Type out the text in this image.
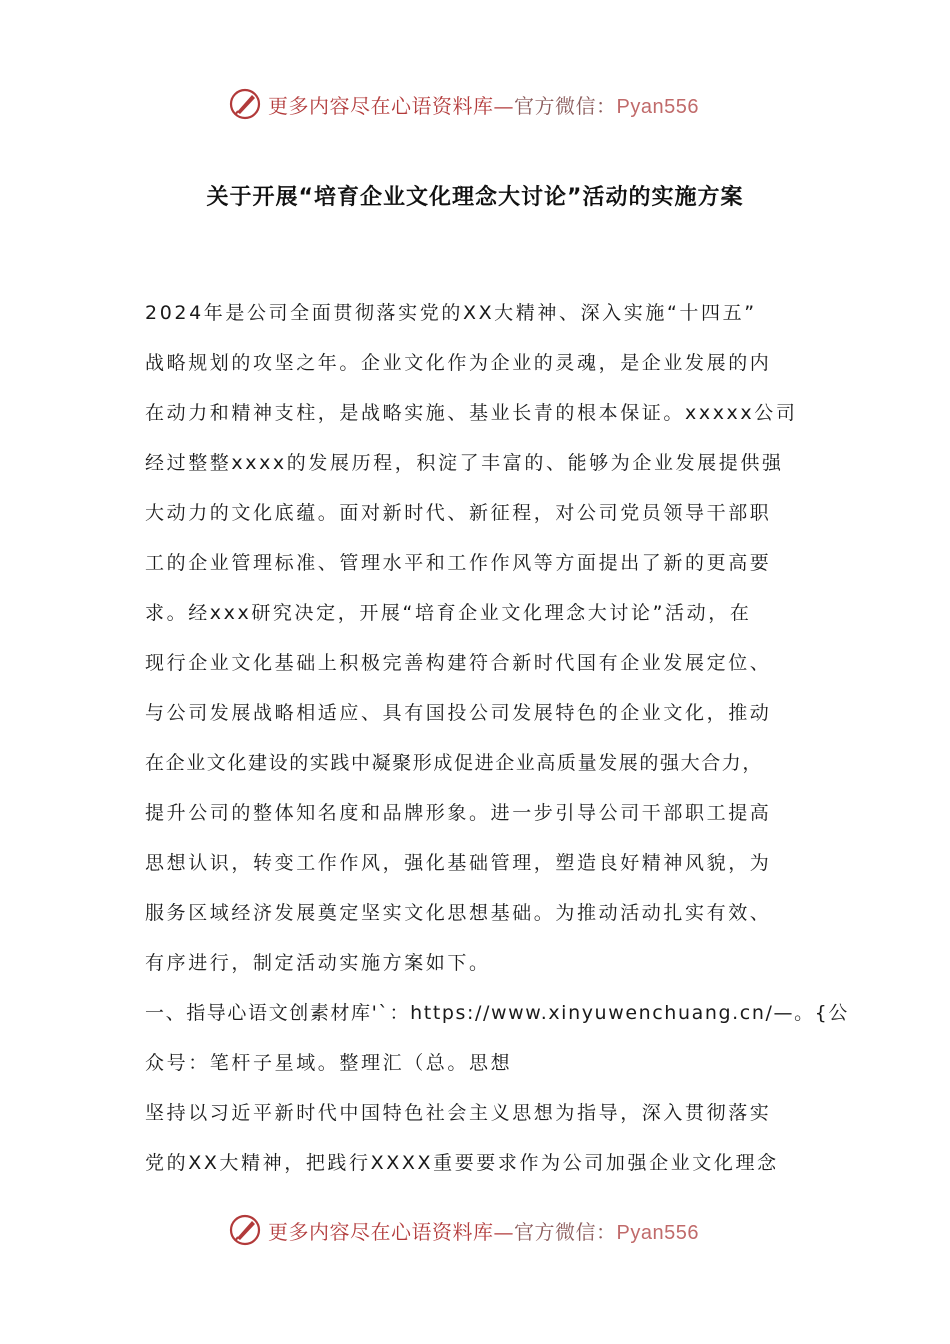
更多内容尽在心语资料库—官方微信：Pyan556
关于开展“培育企业文化理念大讨论”活动的实施方案
2024年是公司全面贯彻落实党的XX大精神、深入实施“十四五”
战略规划的攻坚之年。企业文化作为企业的灵魂，是企业发展的内
在动力和精神支柱，是战略实施、基业长青的根本保证。xxxxx公司
经过整整xxxx的发展历程，积淀了丰富的、能够为企业发展提供强
大动力的文化底蕴。面对新时代、新征程，对公司党员领导干部职
工的企业管理标准、管理水平和工作作风等方面提出了新的更高要
求。经xxx研究决定，开展“培育企业文化理念大讨论”活动，在
现行企业文化基础上积极完善构建符合新时代国有企业发展定位、
与公司发展战略相适应、具有国投公司发展特色的企业文化，推动
在企业文化建设的实践中凝聚形成促进企业高质量发展的强大合力，
提升公司的整体知名度和品牌形象。进一步引导公司干部职工提高
思想认识，转变工作作风，强化基础管理，塑造良好精神风貌，为
服务区域经济发展奠定坚实文化思想基础。为推动活动扎实有效、
有序进行，制定活动实施方案如下。
一、指导心语文创素材库'`：https://www.xinyuwenchuang.cn/—。{公
众号：笔杆子星域。整理汇（总。思想
坚持以习近平新时代中国特色社会主义思想为指导，深入贯彻落实
党的XX大精神，把践行XXXX重要要求作为公司加强企业文化理念
更多内容尽在心语资料库—官方微信：Pyan556
